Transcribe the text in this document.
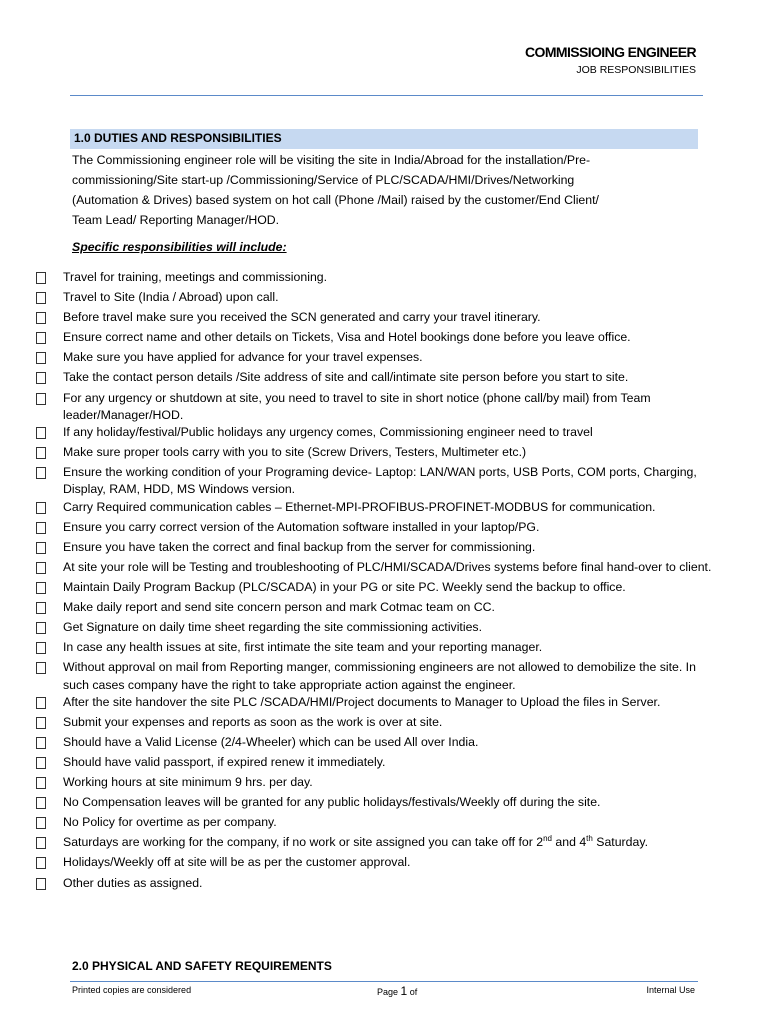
COMMISSIOING ENGINEER
JOB RESPONSIBILITIES
1.0 DUTIES AND RESPONSIBILITIES
The Commissioning engineer role will be visiting the site in India/Abroad for the installation/Pre-
commissioning/Site start-up /Commissioning/Service of PLC/SCADA/HMI/Drives/Networking
(Automation & Drives) based system on hot call (Phone /Mail) raised by the customer/End Client/
Team Lead/ Reporting Manager/HOD.
Specific responsibilities will include:
Travel for training, meetings and commissioning.
Travel to Site (India / Abroad) upon call.
Before travel make sure you received the SCN generated and carry your travel itinerary.
Ensure correct name and other details on Tickets, Visa and Hotel bookings done before you leave office.
Make sure you have applied for advance for your travel expenses.
Take the contact person details /Site address of site and call/intimate site person before you start to site.
For any urgency or shutdown at site, you need to travel to site in short notice (phone call/by mail) from Team leader/Manager/HOD.
If any holiday/festival/Public holidays any urgency comes, Commissioning engineer need to travel
Make sure proper tools carry with you to site (Screw Drivers, Testers, Multimeter etc.)
Ensure the working condition of your Programing device- Laptop: LAN/WAN ports, USB Ports, COM ports, Charging, Display, RAM, HDD, MS Windows version.
Carry Required communication cables – Ethernet-MPI-PROFIBUS-PROFINET-MODBUS for communication.
Ensure you carry correct version of the Automation software installed in your laptop/PG.
Ensure you have taken the correct and final backup from the server for commissioning.
At site your role will be Testing and troubleshooting of PLC/HMI/SCADA/Drives systems before final hand-over to client.
Maintain Daily Program Backup (PLC/SCADA) in your PG or site PC. Weekly send the backup to office.
Make daily report and send site concern person and mark Cotmac team on CC.
Get Signature on daily time sheet regarding the site commissioning activities.
In case any health issues at site, first intimate the site team and your reporting manager.
Without approval on mail from Reporting manger, commissioning engineers are not allowed to demobilize the site. In such cases company have the right to take appropriate action against the engineer.
After the site handover the site PLC /SCADA/HMI/Project documents to Manager to Upload the files in Server.
Submit your expenses and reports as soon as the work is over at site.
Should have a Valid License (2/4-Wheeler) which can be used All over India.
Should have valid passport, if expired renew it immediately.
Working hours at site minimum 9 hrs. per day.
No Compensation leaves will be granted for any public holidays/festivals/Weekly off during the site.
No Policy for overtime as per company.
Saturdays are working for the company, if no work or site assigned you can take off for 2nd and 4th Saturday.
Holidays/Weekly off at site will be as per the customer approval.
Other duties as assigned.
2.0 PHYSICAL AND SAFETY REQUIREMENTS
Printed copies are considered	Page 1 of	Internal Use
